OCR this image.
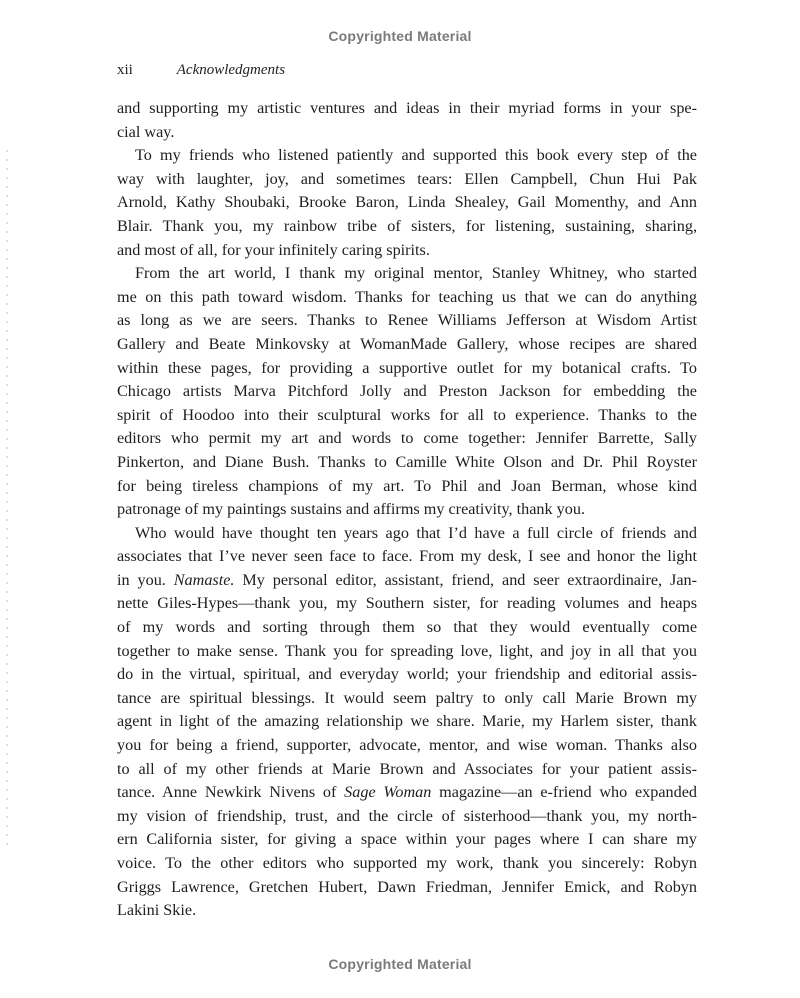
Copyrighted Material
xii	Acknowledgments
and supporting my artistic ventures and ideas in their myriad forms in your spe-
cial way.
To my friends who listened patiently and supported this book every step of the
way with laughter, joy, and sometimes tears: Ellen Campbell, Chun Hui Pak
Arnold, Kathy Shoubaki, Brooke Baron, Linda Shealey, Gail Momenthy, and Ann
Blair. Thank you, my rainbow tribe of sisters, for listening, sustaining, sharing,
and most of all, for your infinitely caring spirits.
From the art world, I thank my original mentor, Stanley Whitney, who started
me on this path toward wisdom. Thanks for teaching us that we can do anything
as long as we are seers. Thanks to Renee Williams Jefferson at Wisdom Artist
Gallery and Beate Minkovsky at WomanMade Gallery, whose recipes are shared
within these pages, for providing a supportive outlet for my botanical crafts. To
Chicago artists Marva Pitchford Jolly and Preston Jackson for embedding the
spirit of Hoodoo into their sculptural works for all to experience. Thanks to the
editors who permit my art and words to come together: Jennifer Barrette, Sally
Pinkerton, and Diane Bush. Thanks to Camille White Olson and Dr. Phil Royster
for being tireless champions of my art. To Phil and Joan Berman, whose kind
patronage of my paintings sustains and affirms my creativity, thank you.
Who would have thought ten years ago that I’d have a full circle of friends and
associates that I’ve never seen face to face. From my desk, I see and honor the light
in you. Namaste. My personal editor, assistant, friend, and seer extraordinaire, Jan-
nette Giles-Hypes—thank you, my Southern sister, for reading volumes and heaps
of my words and sorting through them so that they would eventually come
together to make sense. Thank you for spreading love, light, and joy in all that you
do in the virtual, spiritual, and everyday world; your friendship and editorial assis-
tance are spiritual blessings. It would seem paltry to only call Marie Brown my
agent in light of the amazing relationship we share. Marie, my Harlem sister, thank
you for being a friend, supporter, advocate, mentor, and wise woman. Thanks also
to all of my other friends at Marie Brown and Associates for your patient assis-
tance. Anne Newkirk Nivens of Sage Woman magazine—an e-friend who expanded
my vision of friendship, trust, and the circle of sisterhood—thank you, my north-
ern California sister, for giving a space within your pages where I can share my
voice. To the other editors who supported my work, thank you sincerely: Robyn
Griggs Lawrence, Gretchen Hubert, Dawn Friedman, Jennifer Emick, and Robyn
Lakini Skie.
Copyrighted Material
